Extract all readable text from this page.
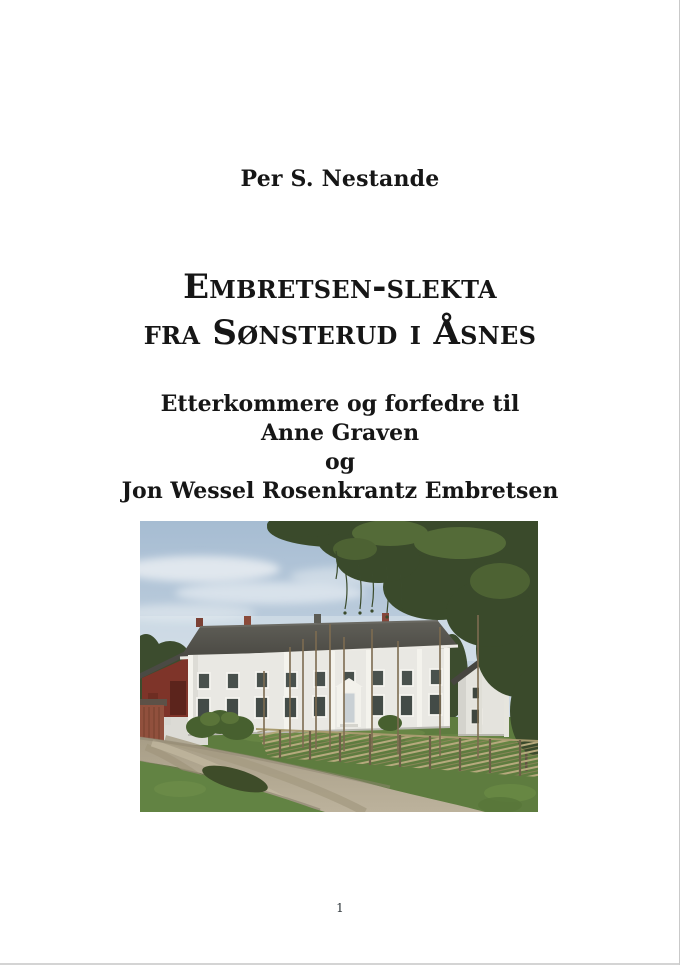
Per S. Nestande
Embretsen-slekta
fra Sønsterud i Åsnes
Etterkommere og forfedre til
Anne Graven
og
Jon Wessel Rosenkrantz Embretsen
1
